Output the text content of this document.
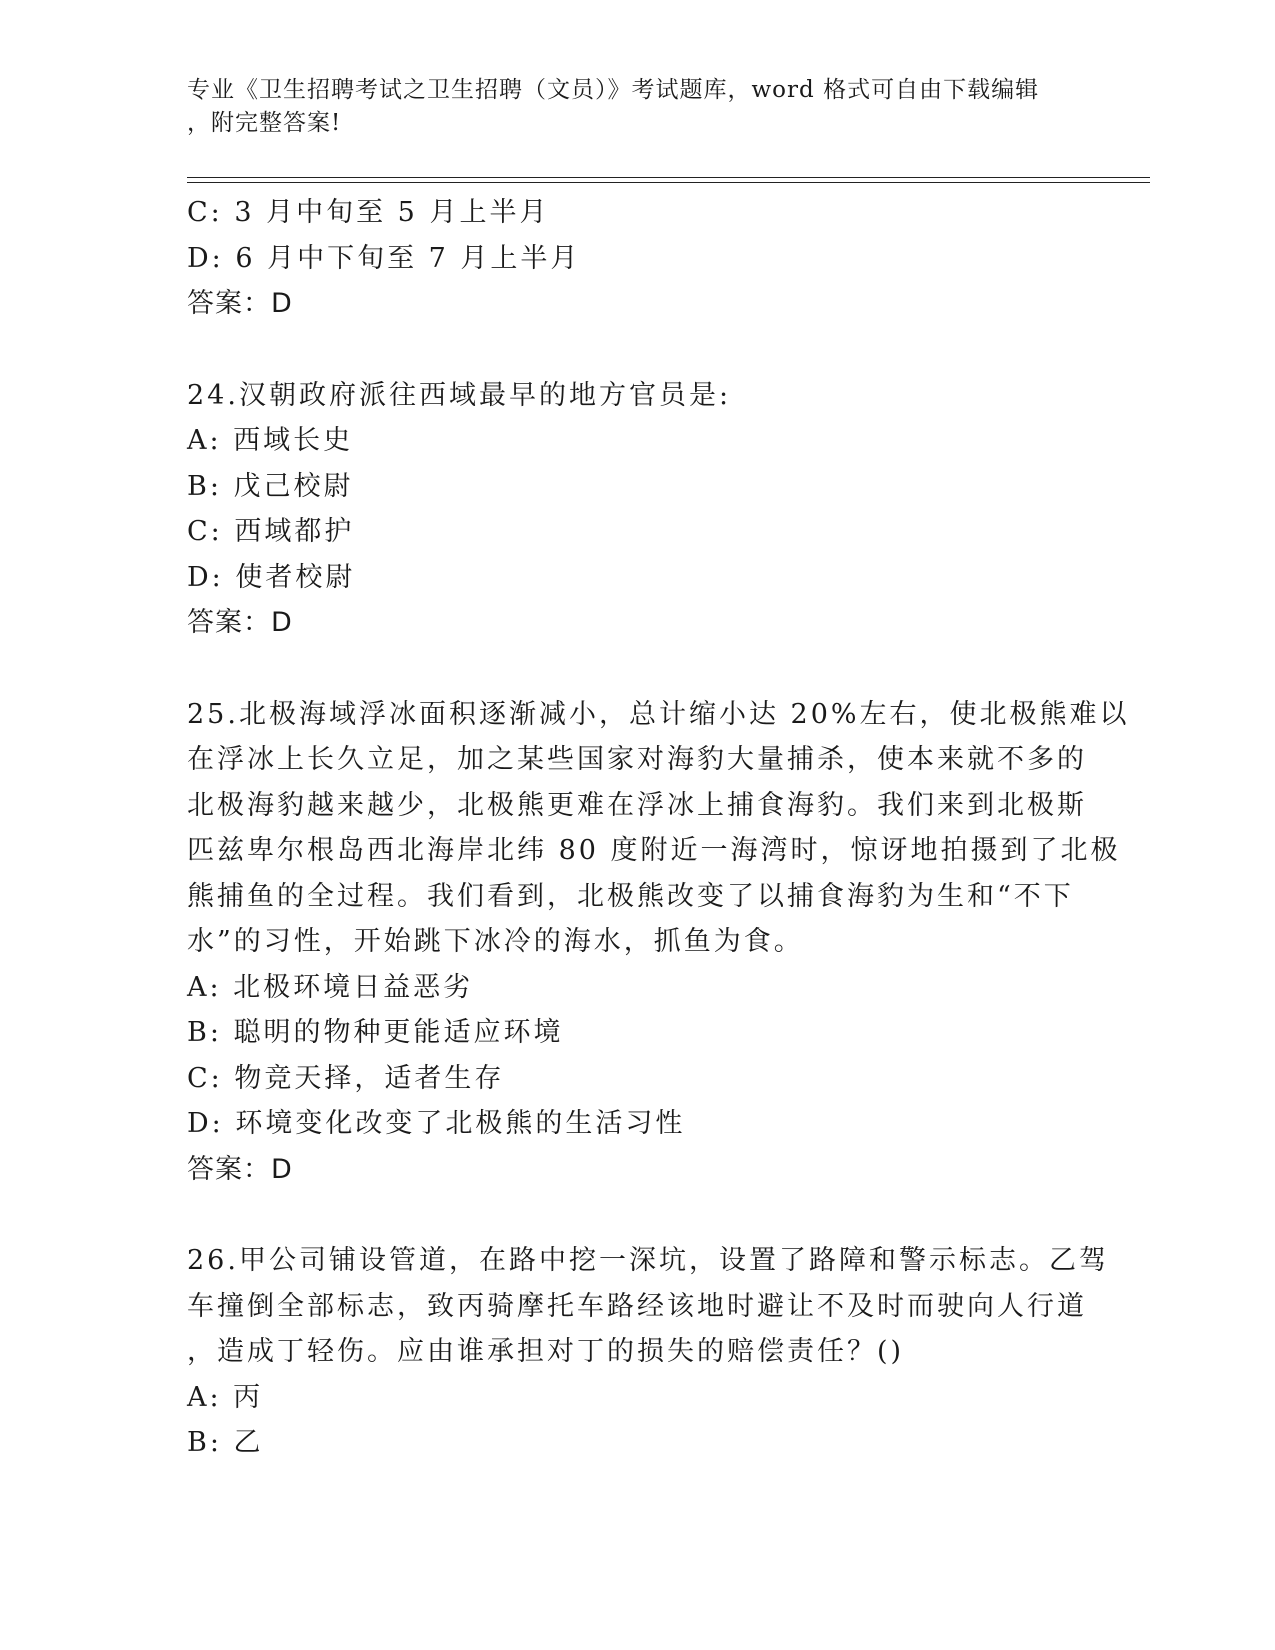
专业《卫生招聘考试之卫生招聘（文员）》考试题库，word 格式可自由下载编辑
，附完整答案!
C: 3 月中旬至 5 月上半月
D: 6 月中下旬至 7 月上半月
答案：D
24.汉朝政府派往西域最早的地方官员是:
A: 西域长史
B: 戊己校尉
C: 西域都护
D: 使者校尉
答案：D
25.北极海域浮冰面积逐渐减小，总计缩小达 20%左右，使北极熊难以
在浮冰上长久立足，加之某些国家对海豹大量捕杀，使本来就不多的
北极海豹越来越少，北极熊更难在浮冰上捕食海豹。我们来到北极斯
匹兹卑尔根岛西北海岸北纬 80 度附近一海湾时，惊讶地拍摄到了北极
熊捕鱼的全过程。我们看到，北极熊改变了以捕食海豹为生和“不下
水”的习性，开始跳下冰冷的海水，抓鱼为食。
A: 北极环境日益恶劣
B: 聪明的物种更能适应环境
C: 物竞天择，适者生存
D: 环境变化改变了北极熊的生活习性
答案：D
26.甲公司铺设管道，在路中挖一深坑，设置了路障和警示标志。乙驾
车撞倒全部标志，致丙骑摩托车路经该地时避让不及时而驶向人行道
，造成丁轻伤。应由谁承担对丁的损失的赔偿责任？()
A: 丙
B: 乙
